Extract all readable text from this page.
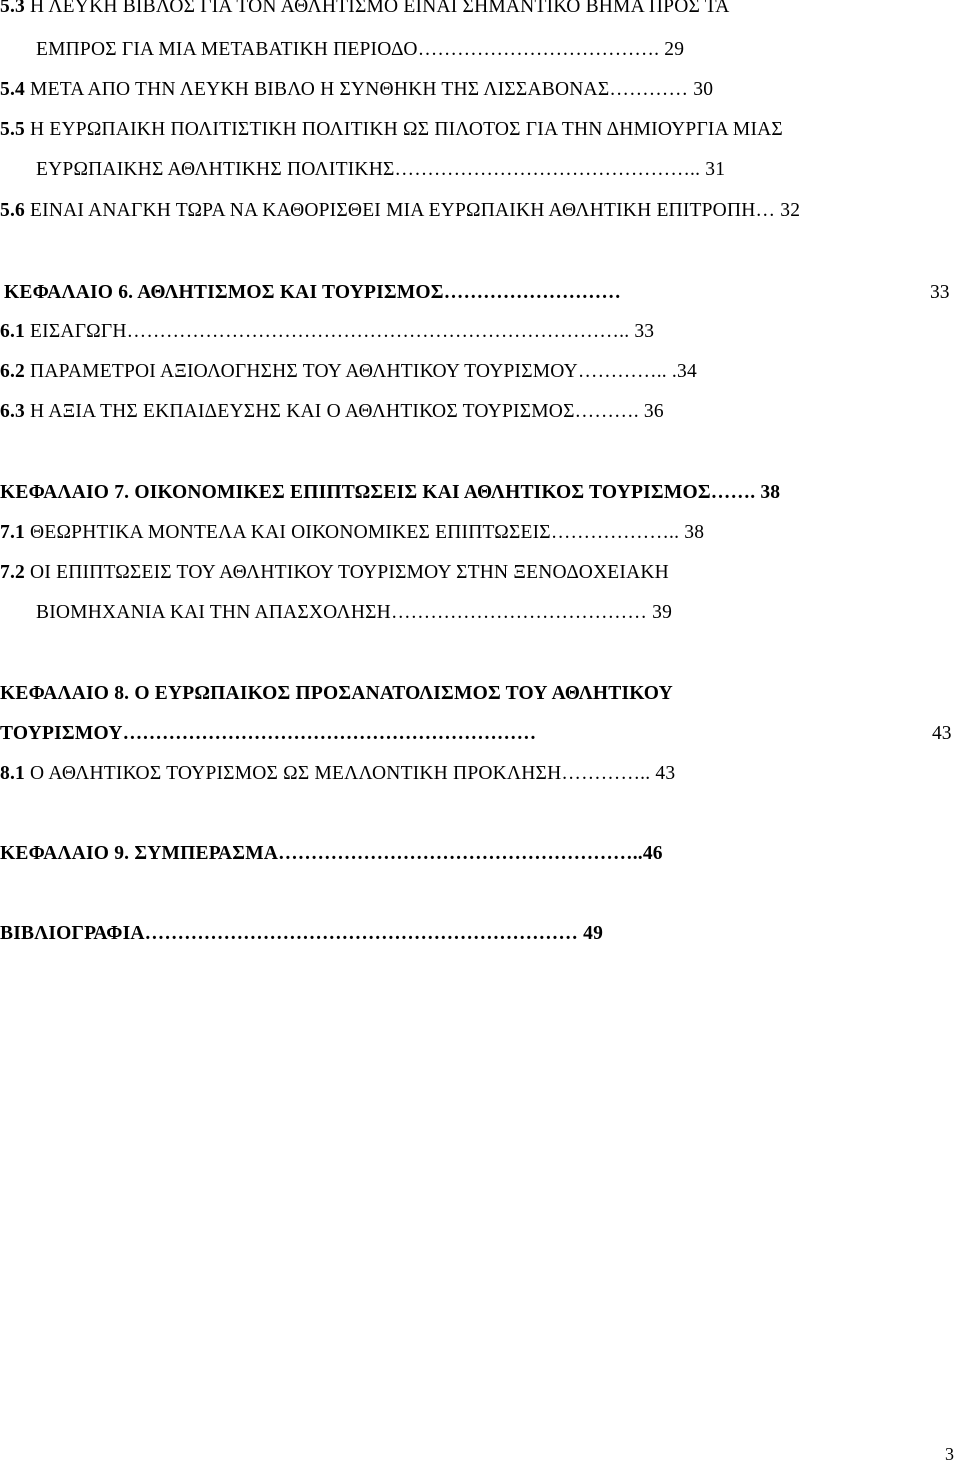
5.3 Η ΛΕΥΚΗ ΒΙΒΛΟΣ ΓΙΑ ΤΟΝ ΑΘΛΗΤΙΣΜΟ ΕΙΝΑΙ ΣΗΜΑΝΤΙΚΟ ΒΗΜΑ ΠΡΟΣ ΤΑ
ΕΜΠΡΟΣ ΓΙΑ ΜΙΑ ΜΕΤΑΒΑΤΙΚΗ ΠΕΡΙΟΔΟ………………………………. 29
5.4 ΜΕΤΑ ΑΠΟ ΤΗΝ ΛΕΥΚΗ ΒΙΒΛΟ Η ΣΥΝΘΗΚΗ ΤΗΣ ΛΙΣΣΑΒΟΝΑΣ………… 30
5.5 Η ΕΥΡΩΠΑΙΚΗ ΠΟΛΙΤΙΣΤΙΚΗ ΠΟΛΙΤΙΚΗ ΩΣ ΠΙΛΟΤΟΣ ΓΙΑ ΤΗΝ ΔΗΜΙΟΥΡΓΙΑ ΜΙΑΣ
ΕΥΡΩΠΑΙΚΗΣ ΑΘΛΗΤΙΚΗΣ ΠΟΛΙΤΙΚΗΣ……………………………………….. 31
5.6 ΕΙΝΑΙ ΑΝΑΓΚΗ ΤΩΡΑ ΝΑ ΚΑΘΟΡΙΣΘΕΙ ΜΙΑ ΕΥΡΩΠΑΙΚΗ ΑΘΛΗΤΙΚΗ ΕΠΙΤΡΟΠΗ… 32
ΚΕΦΑΛΑΙΟ 6. ΑΘΛΗΤΙΣΜΟΣ ΚΑΙ ΤΟΥΡΙΣΜΟΣ………………………	33
6.1 ΕΙΣΑΓΩΓΗ………………………………………………………………….. 33
6.2 ΠΑΡΑΜΕΤΡΟΙ ΑΞΙΟΛΟΓΗΣΗΣ ΤΟΥ ΑΘΛΗΤΙΚΟΥ ΤΟΥΡΙΣΜΟΥ………….. .34
6.3 Η ΑΞΙΑ ΤΗΣ ΕΚΠΑΙΔΕΥΣΗΣ ΚΑΙ Ο ΑΘΛΗΤΙΚΟΣ ΤΟΥΡΙΣΜΟΣ………. 36
ΚΕΦΑΛΑΙΟ 7. ΟΙΚΟΝΟΜΙΚΕΣ ΕΠΙΠΤΩΣΕΙΣ ΚΑΙ ΑΘΛΗΤΙΚΟΣ ΤΟΥΡΙΣΜΟΣ……. 38
7.1 ΘΕΩΡΗΤΙΚΑ ΜΟΝΤΕΛΑ ΚΑΙ ΟΙΚΟΝΟΜΙΚΕΣ ΕΠΙΠΤΩΣΕΙΣ……………….. 38
7.2 ΟΙ ΕΠΙΠΤΩΣΕΙΣ ΤΟΥ ΑΘΛΗΤΙΚΟΥ ΤΟΥΡΙΣΜΟΥ ΣΤΗΝ ΞΕΝΟΔΟΧΕΙΑΚΗ
ΒΙΟΜΗΧΑΝΙΑ ΚΑΙ ΤΗΝ ΑΠΑΣΧΟΛΗΣΗ………………………………… 39
ΚΕΦΑΛΑΙΟ 8. Ο ΕΥΡΩΠΑΙΚΟΣ ΠΡΟΣΑΝΑΤΟΛΙΣΜΟΣ ΤΟΥ ΑΘΛΗΤΙΚΟΥ
ΤΟΥΡΙΣΜΟΥ………………………………………………………	43
8.1 Ο ΑΘΛΗΤΙΚΟΣ ΤΟΥΡΙΣΜΟΣ ΩΣ ΜΕΛΛΟΝΤΙΚΗ ΠΡΟΚΛΗΣΗ………….. 43
ΚΕΦΑΛΑΙΟ 9. ΣΥΜΠΕΡΑΣΜΑ………………………………………………..46
ΒΙΒΛΙΟΓΡΑΦΙΑ………………………………………………………… 49
3
